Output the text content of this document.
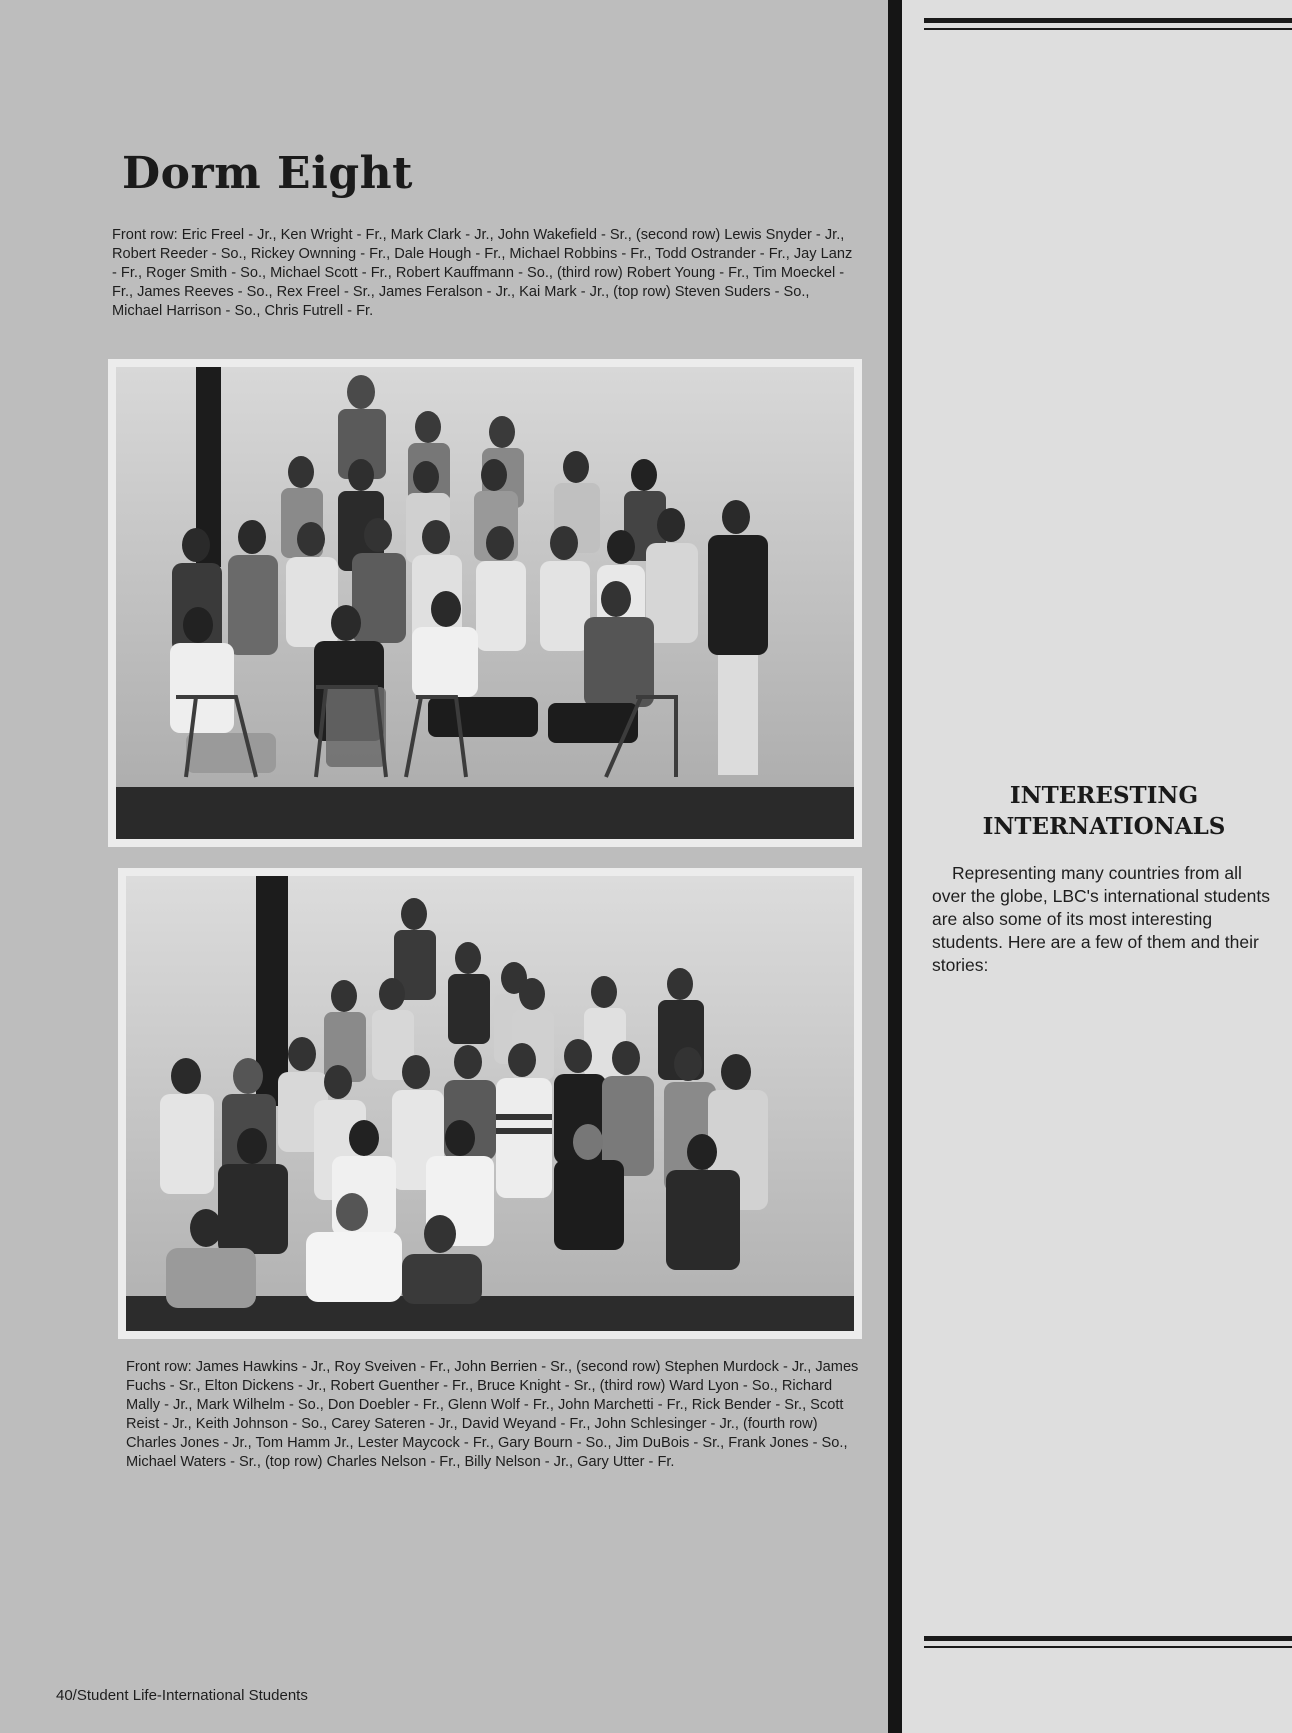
Dorm Eight

Front row: Eric Freel - Jr., Ken Wright - Fr., Mark Clark - Jr., John Wakefield - Sr., (second row) Lewis Snyder - Jr., Robert Reeder - So., Rickey Ownning - Fr., Dale Hough - Fr., Michael Robbins - Fr., Todd Ostrander - Fr., Jay Lanz - Fr., Roger Smith - So., Michael Scott - Fr., Robert Kauffmann - So., (third row) Robert Young - Fr., Tim Moeckel - Fr., James Reeves - So., Rex Freel - Sr., James Feralson - Jr., Kai Mark - Jr., (top row) Steven Suders - So., Michael Harrison - So., Chris Futrell - Fr.

Front row: James Hawkins - Jr., Roy Sveiven - Fr., John Berrien - Sr., (second row) Stephen Murdock - Jr., James Fuchs - Sr., Elton Dickens - Jr., Robert Guenther - Fr., Bruce Knight - Sr., (third row) Ward Lyon - So., Richard Mally - Jr., Mark Wilhelm - So., Don Doebler - Fr., Glenn Wolf - Fr., John Marchetti - Fr., Rick Bender - Sr., Scott Reist - Jr., Keith Johnson - So., Carey Sateren - Jr., David Weyand - Fr., John Schlesinger - Jr., (fourth row) Charles Jones - Jr., Tom Hamm Jr., Lester Maycock - Fr., Gary Bourn - So., Jim DuBois - Sr., Frank Jones - So., Michael Waters - Sr., (top row) Charles Nelson - Fr., Billy Nelson - Jr., Gary Utter - Fr.

40/Student Life-International Students

INTERESTING INTERNATIONALS

Representing many countries from all over the globe, LBC's international students are also some of its most interesting students. Here are a few of them and their stories:
